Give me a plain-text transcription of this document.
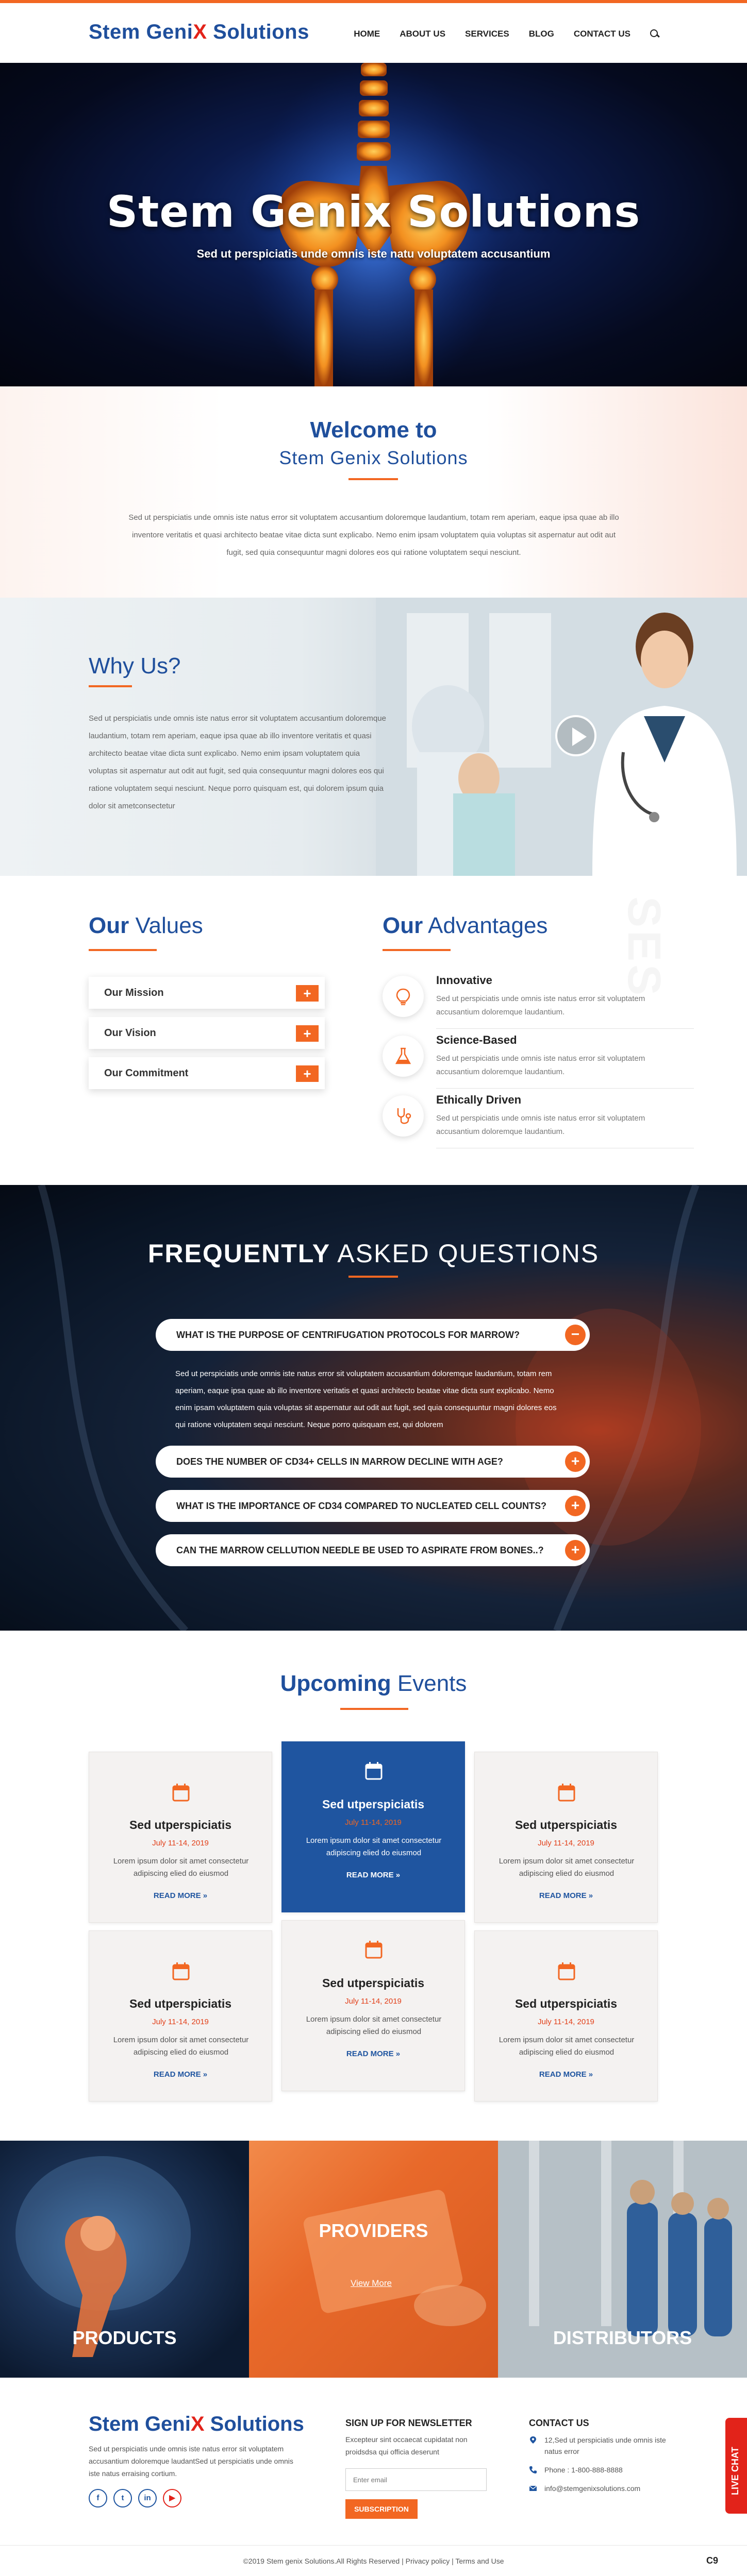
Stem GeniX Solutions	HOME ABOUT US SERVICES BLOG CONTACT US
Stem Genix Solutions
Sed ut perspiciatis unde omnis iste natu voluptatem accusantium
Welcome to
Stem Genix Solutions

Sed ut perspiciatis unde omnis iste natus error sit voluptatem accusantium doloremque laudantium, totam rem aperiam, eaque ipsa quae ab illo inventore veritatis et quasi architecto beatae vitae dicta sunt explicabo. Nemo enim ipsam voluptatem quia voluptas sit aspernatur aut odit aut fugit, sed quia consequuntur magni dolores eos qui ratione voluptatem sequi nesciunt.

Why Us?

Sed ut perspiciatis unde omnis iste natus error sit voluptatem accusantium doloremque laudantium, totam rem aperiam, eaque ipsa quae ab illo inventore veritatis et quasi architecto beatae vitae dicta sunt explicabo. Nemo enim ipsam voluptatem quia voluptas sit aspernatur aut odit aut fugit, sed quia consequuntur magni dolores eos qui ratione voluptatem sequi nesciunt. Neque porro quisquam est, qui dolorem ipsum quia dolor sit ametconsectetur

SES
Our Values
Our Mission	+
Our Vision	+
Our Commitment	+
Our Advantages
Innovative

Sed ut perspiciatis unde omnis iste natus error sit voluptatem accusantium doloremque laudantium.

Science-Based

Sed ut perspiciatis unde omnis iste natus error sit voluptatem accusantium doloremque laudantium.

Ethically Driven

Sed ut perspiciatis unde omnis iste natus error sit voluptatem accusantium doloremque laudantium.

FREQUENTLY ASKED QUESTIONS
WHAT IS THE PURPOSE OF CENTRIFUGATION PROTOCOLS FOR MARROW?	−

Sed ut perspiciatis unde omnis iste natus error sit voluptatem accusantium doloremque laudantium, totam rem aperiam, eaque ipsa quae ab illo inventore veritatis et quasi architecto beatae vitae dicta sunt explicabo. Nemo enim ipsam voluptatem quia voluptas sit aspernatur aut odit aut fugit, sed quia consequuntur magni dolores eos qui ratione voluptatem sequi nesciunt. Neque porro quisquam est, qui dolorem

DOES THE NUMBER OF CD34+ CELLS IN MARROW DECLINE WITH AGE?	+
WHAT IS THE IMPORTANCE OF CD34 COMPARED TO NUCLEATED CELL COUNTS?	+
CAN THE MARROW CELLUTION NEEDLE BE USED TO ASPIRATE FROM BONES..?	+
Upcoming Events
Sed utperspiciatis
July 11-14, 2019

Lorem ipsum dolor sit amet consectetur adipiscing elied do eiusmod

READ MORE »
Sed utperspiciatis
July 11-14, 2019

Lorem ipsum dolor sit amet consectetur adipiscing elied do eiusmod

READ MORE »
Sed utperspiciatis
July 11-14, 2019

Lorem ipsum dolor sit amet consectetur adipiscing elied do eiusmod

READ MORE »
Sed utperspiciatis
July 11-14, 2019

Lorem ipsum dolor sit amet consectetur adipiscing elied do eiusmod

READ MORE »
Sed utperspiciatis
July 11-14, 2019

Lorem ipsum dolor sit amet consectetur adipiscing elied do eiusmod

READ MORE »
Sed utperspiciatis
July 11-14, 2019

Lorem ipsum dolor sit amet consectetur adipiscing elied do eiusmod

READ MORE »
PRODUCTS
PROVIDERS
DISTRIBUTORS
View More
Stem GeniX Solutions

Sed ut perspiciatis unde omnis iste natus error sit voluptatem accusantium doloremque laudantSed ut perspiciatis unde omnis iste natus erraising cortium.

f	t	in	▶
SIGN UP FOR NEWSLETTER

Excepteur sint occaecat cupidatat non proidsdsa qui officia deserunt

Enter email
SUBSCRIPTION
CONTACT US
12,Sed ut perspiciatis unde omnis iste natus error
Phone : 1-800-888-8888
info@stemgenixsolutions.com
©2019 Stem genix Solutions.All Rights Reserved | Privacy policy | Terms and Use	C9
LIVE CHAT
